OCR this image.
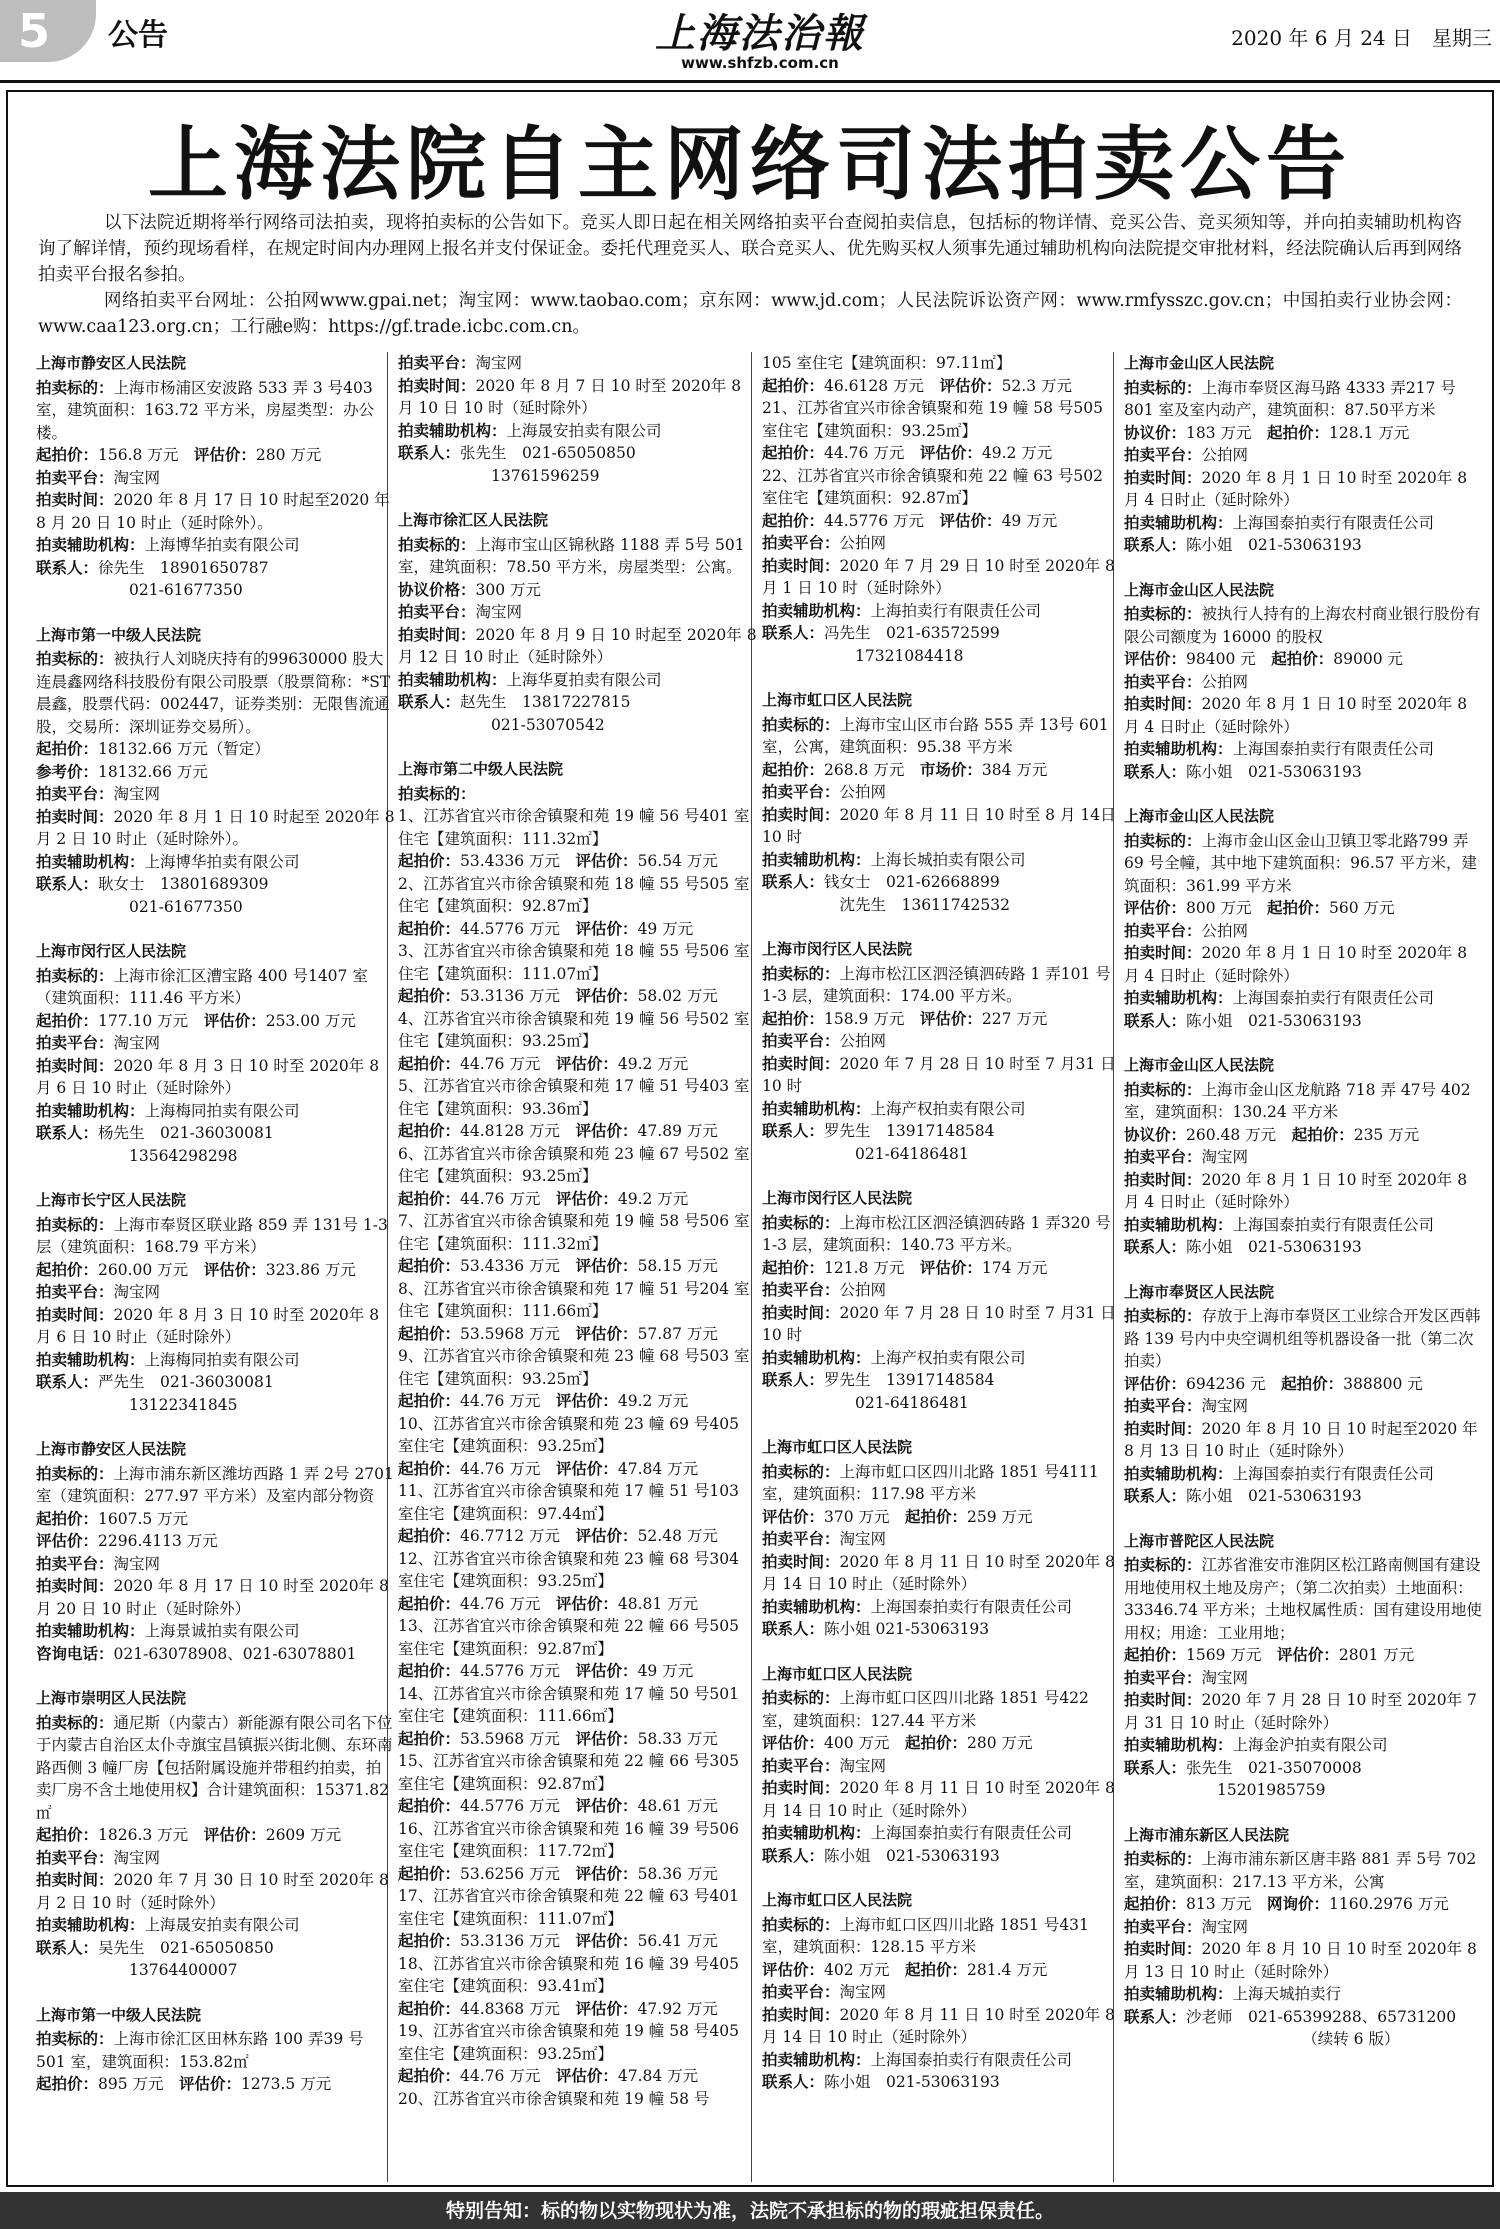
5 公告	上海法治報
www.shfzb.com.cn
2020 年 6 月 24 日　星期三
上海法院自主网络司法拍卖公告

以下法院近期将举行网络司法拍卖，现将拍卖标的公告如下。竞买人即日起在相关网络拍卖平台查阅拍卖信息，包括标的物详情、竞买公告、竞买须知等，并向拍卖辅助机构咨询了解详情，预约现场看样，在规定时间内办理网上报名并支付保证金。委托代理竞买人、联合竞买人、优先购买权人须事先通过辅助机构向法院提交审批材料，经法院确认后再到网络拍卖平台报名参拍。

网络拍卖平台网址：公拍网www.gpai.net；淘宝网：www.taobao.com；京东网：www.jd.com；人民法院诉讼资产网：www.rmfysszc.gov.cn；中国拍卖行业协会网：www.caa123.org.cn；工行融e购：https://gf.trade.icbc.com.cn。

上海市静安区人民法院
拍卖标的：上海市杨浦区安波路 533 弄 3 号403 室，建筑面积：163.72 平方米，房屋类型：办公楼。
起拍价：156.8 万元　评估价：280 万元
拍卖平台：淘宝网
拍卖时间：2020 年 8 月 17 日 10 时起至2020 年 8 月 20 日 10 时止（延时除外）。
拍卖辅助机构：上海博华拍卖有限公司
联系人：徐先生　18901650787
　　　　　　021-61677350
上海市第一中级人民法院
拍卖标的：被执行人刘晓庆持有的99630000 股大连晨鑫网络科技股份有限公司股票（股票简称：*ST 晨鑫，股票代码：002447，证券类别：无限售流通股，交易所：深圳证券交易所）。
起拍价：18132.66 万元（暂定）
参考价：18132.66 万元
拍卖平台：淘宝网
拍卖时间：2020 年 8 月 1 日 10 时起至 2020年 8 月 2 日 10 时止（延时除外）。
拍卖辅助机构：上海博华拍卖有限公司
联系人：耿女士　13801689309
　　　　　　021-61677350
上海市闵行区人民法院
拍卖标的：上海市徐汇区漕宝路 400 号1407 室（建筑面积：111.46 平方米）
起拍价：177.10 万元　评估价：253.00 万元
拍卖平台：淘宝网
拍卖时间：2020 年 8 月 3 日 10 时至 2020年 8 月 6 日 10 时止（延时除外）
拍卖辅助机构：上海梅同拍卖有限公司
联系人：杨先生　021-36030081
　　　　　　13564298298
上海市长宁区人民法院
拍卖标的：上海市奉贤区联业路 859 弄 131号 1-3 层（建筑面积：168.79 平方米）
起拍价：260.00 万元　评估价：323.86 万元
拍卖平台：淘宝网
拍卖时间：2020 年 8 月 3 日 10 时至 2020年 8 月 6 日 10 时止（延时除外）
拍卖辅助机构：上海梅同拍卖有限公司
联系人：严先生　021-36030081
　　　　　　13122341845
上海市静安区人民法院
拍卖标的：上海市浦东新区潍坊西路 1 弄 2号 2701 室（建筑面积：277.97 平方米）及室内部分物资
起拍价：1607.5 万元
评估价：2296.4113 万元
拍卖平台：淘宝网
拍卖时间：2020 年 8 月 17 日 10 时至 2020年 8 月 20 日 10 时止（延时除外）
拍卖辅助机构：上海景诚拍卖有限公司
咨询电话：021-63078908、021-63078801
上海市崇明区人民法院
拍卖标的：通尼斯（内蒙古）新能源有限公司名下位于内蒙古自治区太仆寺旗宝昌镇振兴街北侧、东环南路西侧 3 幢厂房【包括附属设施并带租约拍卖，拍卖厂房不含土地使用权】合计建筑面积：15371.82㎡
起拍价：1826.3 万元　评估价：2609 万元
拍卖平台：淘宝网
拍卖时间：2020 年 7 月 30 日 10 时至 2020年 8 月 2 日 10 时（延时除外）
拍卖辅助机构：上海晟安拍卖有限公司
联系人：吴先生　021-65050850
　　　　　　13764400007
上海市第一中级人民法院
拍卖标的：上海市徐汇区田林东路 100 弄39 号 501 室，建筑面积：153.82㎡
起拍价：895 万元　评估价：1273.5 万元
拍卖平台：淘宝网
拍卖时间：2020 年 8 月 7 日 10 时至 2020年 8 月 10 日 10 时（延时除外）
拍卖辅助机构：上海晟安拍卖有限公司
联系人：张先生　021-65050850
　　　　　　13761596259
上海市徐汇区人民法院
拍卖标的：上海市宝山区锦秋路 1188 弄 5号 501 室，建筑面积：78.50 平方米，房屋类型：公寓。
协议价格：300 万元
拍卖平台：淘宝网
拍卖时间：2020 年 8 月 9 日 10 时起至 2020年 8 月 12 日 10 时止（延时除外）
拍卖辅助机构：上海华夏拍卖有限公司
联系人：赵先生　13817227815
　　　　　　021-53070542
上海市第二中级人民法院
拍卖标的：
1、江苏省宜兴市徐舍镇聚和苑 19 幢 56 号401 室住宅【建筑面积：111.32㎡】
起拍价：53.4336 万元　评估价：56.54 万元
2、江苏省宜兴市徐舍镇聚和苑 18 幢 55 号505 室住宅【建筑面积：92.87㎡】
起拍价：44.5776 万元　评估价：49 万元
3、江苏省宜兴市徐舍镇聚和苑 18 幢 55 号506 室住宅【建筑面积：111.07㎡】
起拍价：53.3136 万元　评估价：58.02 万元
4、江苏省宜兴市徐舍镇聚和苑 19 幢 56 号502 室住宅【建筑面积：93.25㎡】
起拍价：44.76 万元　评估价：49.2 万元
5、江苏省宜兴市徐舍镇聚和苑 17 幢 51 号403 室住宅【建筑面积：93.36㎡】
起拍价：44.8128 万元　评估价：47.89 万元
6、江苏省宜兴市徐舍镇聚和苑 23 幢 67 号502 室住宅【建筑面积：93.25㎡】
起拍价：44.76 万元　评估价：49.2 万元
7、江苏省宜兴市徐舍镇聚和苑 19 幢 58 号506 室住宅【建筑面积：111.32㎡】
起拍价：53.4336 万元　评估价：58.15 万元
8、江苏省宜兴市徐舍镇聚和苑 17 幢 51 号204 室住宅【建筑面积：111.66㎡】
起拍价：53.5968 万元　评估价：57.87 万元
9、江苏省宜兴市徐舍镇聚和苑 23 幢 68 号503 室住宅【建筑面积：93.25㎡】
起拍价：44.76 万元　评估价：49.2 万元
10、江苏省宜兴市徐舍镇聚和苑 23 幢 69 号405 室住宅【建筑面积：93.25㎡】
起拍价：44.76 万元　评估价：47.84 万元
11、江苏省宜兴市徐舍镇聚和苑 17 幢 51 号103 室住宅【建筑面积：97.44㎡】
起拍价：46.7712 万元　评估价：52.48 万元
12、江苏省宜兴市徐舍镇聚和苑 23 幢 68 号304 室住宅【建筑面积：93.25㎡】
起拍价：44.76 万元　评估价：48.81 万元
13、江苏省宜兴市徐舍镇聚和苑 22 幢 66 号505 室住宅【建筑面积：92.87㎡】
起拍价：44.5776 万元　评估价：49 万元
14、江苏省宜兴市徐舍镇聚和苑 17 幢 50 号501 室住宅【建筑面积：111.66㎡】
起拍价：53.5968 万元　评估价：58.33 万元
15、江苏省宜兴市徐舍镇聚和苑 22 幢 66 号305 室住宅【建筑面积：92.87㎡】
起拍价：44.5776 万元　评估价：48.61 万元
16、江苏省宜兴市徐舍镇聚和苑 16 幢 39 号506 室住宅【建筑面积：117.72㎡】
起拍价：53.6256 万元　评估价：58.36 万元
17、江苏省宜兴市徐舍镇聚和苑 22 幢 63 号401 室住宅【建筑面积：111.07㎡】
起拍价：53.3136 万元　评估价：56.41 万元
18、江苏省宜兴市徐舍镇聚和苑 16 幢 39 号405 室住宅【建筑面积：93.41㎡】
起拍价：44.8368 万元　评估价：47.92 万元
19、江苏省宜兴市徐舍镇聚和苑 19 幢 58 号405 室住宅【建筑面积：93.25㎡】
起拍价：44.76 万元　评估价：47.84 万元
20、江苏省宜兴市徐舍镇聚和苑 19 幢 58 号
105 室住宅【建筑面积：97.11㎡】
起拍价：46.6128 万元　评估价：52.3 万元
21、江苏省宜兴市徐舍镇聚和苑 19 幢 58 号505 室住宅【建筑面积：93.25㎡】
起拍价：44.76 万元　评估价：49.2 万元
22、江苏省宜兴市徐舍镇聚和苑 22 幢 63 号502 室住宅【建筑面积：92.87㎡】
起拍价：44.5776 万元　评估价：49 万元
拍卖平台：公拍网
拍卖时间：2020 年 7 月 29 日 10 时至 2020年 8 月 1 日 10 时（延时除外）
拍卖辅助机构：上海拍卖行有限责任公司
联系人：冯先生　021-63572599
　　　　　　17321084418
上海市虹口区人民法院
拍卖标的：上海市宝山区市台路 555 弄 13号 601 室，公寓，建筑面积：95.38 平方米
起拍价：268.8 万元　市场价：384 万元
拍卖平台：公拍网
拍卖时间：2020 年 8 月 11 日 10 时至 8 月 14日 10 时
拍卖辅助机构：上海长城拍卖有限公司
联系人：钱女士　021-62668899
　　　　　沈先生　13611742532
上海市闵行区人民法院
拍卖标的：上海市松江区泗泾镇泗砖路 1 弄101 号 1-3 层，建筑面积：174.00 平方米。
起拍价：158.9 万元　评估价：227 万元
拍卖平台：公拍网
拍卖时间：2020 年 7 月 28 日 10 时至 7 月31 日 10 时
拍卖辅助机构：上海产权拍卖有限公司
联系人：罗先生　13917148584
　　　　　　021-64186481
上海市闵行区人民法院
拍卖标的：上海市松江区泗泾镇泗砖路 1 弄320 号 1-3 层，建筑面积：140.73 平方米。
起拍价：121.8 万元　评估价：174 万元
拍卖平台：公拍网
拍卖时间：2020 年 7 月 28 日 10 时至 7 月31 日 10 时
拍卖辅助机构：上海产权拍卖有限公司
联系人：罗先生　13917148584
　　　　　　021-64186481
上海市虹口区人民法院
拍卖标的：上海市虹口区四川北路 1851 号4111 室，建筑面积：117.98 平方米
评估价：370 万元　起拍价：259 万元
拍卖平台：淘宝网
拍卖时间：2020 年 8 月 11 日 10 时至 2020年 8 月 14 日 10 时止（延时除外）
拍卖辅助机构：上海国泰拍卖行有限责任公司
联系人：陈小姐 021-53063193
上海市虹口区人民法院
拍卖标的：上海市虹口区四川北路 1851 号422 室，建筑面积：127.44 平方米
评估价：400 万元　起拍价：280 万元
拍卖平台：淘宝网
拍卖时间：2020 年 8 月 11 日 10 时至 2020年 8 月 14 日 10 时止（延时除外）
拍卖辅助机构：上海国泰拍卖行有限责任公司
联系人：陈小姐　021-53063193
上海市虹口区人民法院
拍卖标的：上海市虹口区四川北路 1851 号431 室，建筑面积：128.15 平方米
评估价：402 万元　起拍价：281.4 万元
拍卖平台：淘宝网
拍卖时间：2020 年 8 月 11 日 10 时至 2020年 8 月 14 日 10 时止（延时除外）
拍卖辅助机构：上海国泰拍卖行有限责任公司
联系人：陈小姐　021-53063193
上海市金山区人民法院
拍卖标的：上海市奉贤区海马路 4333 弄217 号 801 室及室内动产，建筑面积：87.50平方米
协议价：183 万元　起拍价：128.1 万元
拍卖平台：公拍网
拍卖时间：2020 年 8 月 1 日 10 时至 2020年 8 月 4 日时止（延时除外）
拍卖辅助机构：上海国泰拍卖行有限责任公司
联系人：陈小姐　021-53063193
上海市金山区人民法院
拍卖标的：被执行人持有的上海农村商业银行股份有限公司额度为 16000 的股权
评估价：98400 元　起拍价：89000 元
拍卖平台：公拍网
拍卖时间：2020 年 8 月 1 日 10 时至 2020年 8 月 4 日时止（延时除外）
拍卖辅助机构：上海国泰拍卖行有限责任公司
联系人：陈小姐　021-53063193
上海市金山区人民法院
拍卖标的：上海市金山区金山卫镇卫零北路799 弄 69 号全幢，其中地下建筑面积：96.57 平方米，建筑面积：361.99 平方米
评估价：800 万元　起拍价：560 万元
拍卖平台：公拍网
拍卖时间：2020 年 8 月 1 日 10 时至 2020年 8 月 4 日时止（延时除外）
拍卖辅助机构：上海国泰拍卖行有限责任公司
联系人：陈小姐　021-53063193
上海市金山区人民法院
拍卖标的：上海市金山区龙航路 718 弄 47号 402 室，建筑面积：130.24 平方米
协议价：260.48 万元　起拍价：235 万元
拍卖平台：淘宝网
拍卖时间：2020 年 8 月 1 日 10 时至 2020年 8 月 4 日时止（延时除外）
拍卖辅助机构：上海国泰拍卖行有限责任公司
联系人：陈小姐　021-53063193
上海市奉贤区人民法院
拍卖标的：存放于上海市奉贤区工业综合开发区西韩路 139 号内中央空调机组等机器设备一批（第二次拍卖）
评估价：694236 元　起拍价：388800 元
拍卖平台：淘宝网
拍卖时间：2020 年 8 月 10 日 10 时起至2020 年 8 月 13 日 10 时止（延时除外）
拍卖辅助机构：上海国泰拍卖行有限责任公司
联系人：陈小姐　021-53063193
上海市普陀区人民法院
拍卖标的：江苏省淮安市淮阴区松江路南侧国有建设用地使用权土地及房产；（第二次拍卖）土地面积：33346.74 平方米；土地权属性质：国有建设用地使用权；用途：工业用地；
起拍价：1569 万元　评估价：2801 万元
拍卖平台：淘宝网
拍卖时间：2020 年 7 月 28 日 10 时至 2020年 7 月 31 日 10 时止（延时除外）
拍卖辅助机构：上海金沪拍卖有限公司
联系人：张先生　021-35070008
　　　　　　15201985759
上海市浦东新区人民法院
拍卖标的：上海市浦东新区唐丰路 881 弄 5号 702 室，建筑面积：217.13 平方米，公寓
起拍价：813 万元　网询价：1160.2976 万元
拍卖平台：淘宝网
拍卖时间：2020 年 8 月 10 日 10 时至 2020年 8 月 13 日 10 时止（延时除外）
拍卖辅助机构：上海天城拍卖行
联系人：沙老师　021-65399288、65731200
　　　　　　　　　　　　（续转 6 版）
特别告知：标的物以实物现状为准，法院不承担标的物的瑕疵担保责任。
